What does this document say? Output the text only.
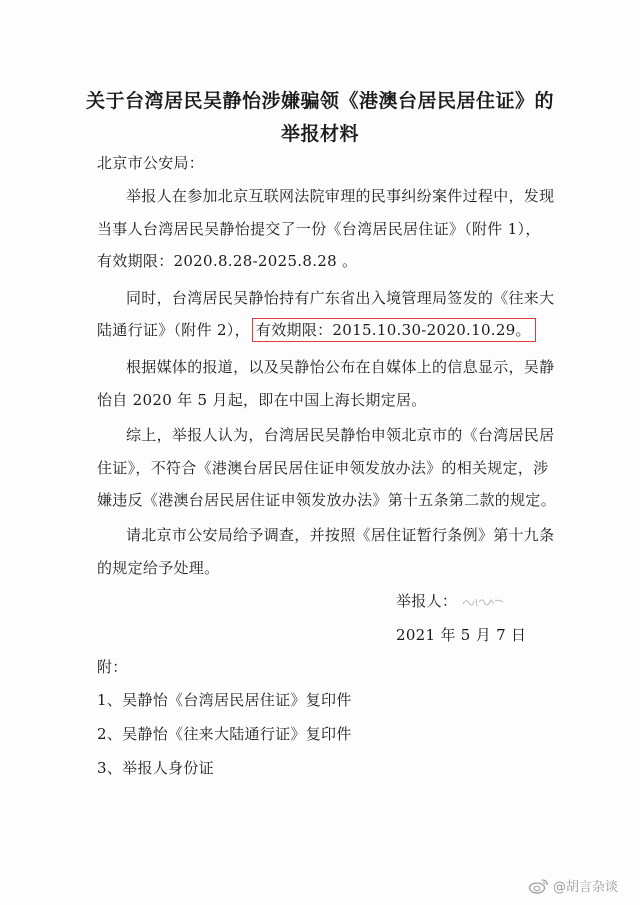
关于台湾居民吴静怡涉嫌骗领《港澳台居民居住证》的
举报材料
北京市公安局：
举报人在参加北京互联网法院审理的民事纠纷案件过程中，发现
当事人台湾居民吴静怡提交了一份《台湾居民居住证》（附件 1），
有效期限：2020.8.28-2025.8.28 。
同时，台湾居民吴静怡持有广东省出入境管理局签发的《往来大
陆通行证》（附件 2）， 有效期限：2015.10.30-2020.10.29。
根据媒体的报道，以及吴静怡公布在自媒体上的信息显示，吴静
怡自 2020 年 5 月起，即在中国上海长期定居。
综上，举报人认为，台湾居民吴静怡申领北京市的《台湾居民居
住证》，不符合《港澳台居民居住证申领发放办法》的相关规定，涉
嫌违反《港澳台居民居住证申领发放办法》第十五条第二款的规定。
请北京市公安局给予调查，并按照《居住证暂行条例》第十九条
的规定给予处理。
举报人：
2021 年 5 月 7 日
附：
1、吴静怡《台湾居民居住证》复印件
2、吴静怡《往来大陆通行证》复印件
3、举报人身份证
@胡言杂谈
